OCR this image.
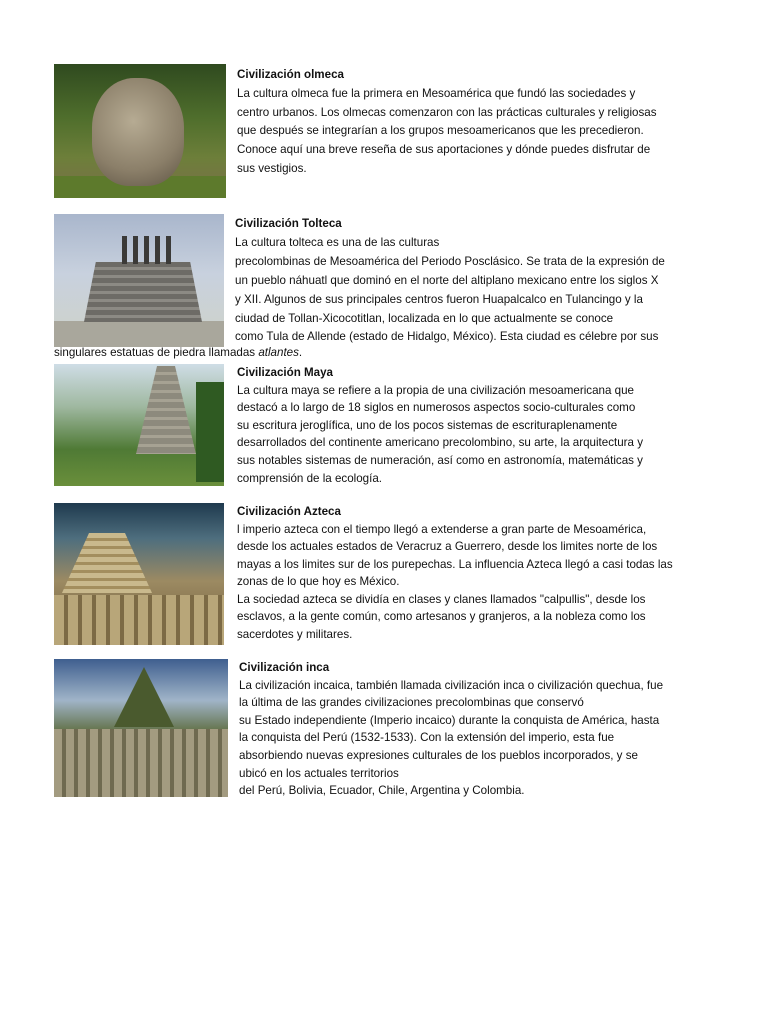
Civilización olmeca
La cultura olmeca fue la primera en Mesoamérica que fundó las sociedades y
centro urbanos. Los olmecas comenzaron con las prácticas culturales y religiosas
que después se integrarían a los grupos mesoamericanos que les precedieron.
Conoce aquí una breve reseña de sus aportaciones y dónde puedes disfrutar de
sus vestigios.
Civilización Tolteca
La cultura tolteca es una de las culturas
precolombinas de Mesoamérica del Periodo Posclásico. Se trata de la expresión de
un pueblo náhuatl que dominó en el norte del altiplano mexicano entre los siglos X
y XII. Algunos de sus principales centros fueron Huapalcalco en Tulancingo y la
ciudad de Tollan-Xicocotitlan, localizada en lo que actualmente se conoce
como Tula de Allende (estado de Hidalgo, México). Esta ciudad es célebre por sus
singulares estatuas de piedra llamadas atlantes.
Civilización Maya
La cultura maya se refiere a la propia de una civilización mesoamericana que
destacó a lo largo de 18 siglos en numerosos aspectos socio-culturales como
su escritura jeroglífica, uno de los pocos sistemas de escrituraplenamente
desarrollados del continente americano precolombino, su arte, la arquitectura y
sus notables sistemas de numeración, así como en astronomía, matemáticas y
comprensión de la ecología.
Civilización Azteca
l imperio azteca con el tiempo llegó a extenderse a gran parte de Mesoamérica,
desde los actuales estados de Veracruz a Guerrero, desde los limites norte de los
mayas a los limites sur de los purepechas. La influencia Azteca llegó a casi todas las
zonas de lo que hoy es México.
La sociedad azteca se dividía en clases y clanes llamados "calpullis", desde los
esclavos, a la gente común, como artesanos y granjeros, a la nobleza como los
sacerdotes y militares.
Civilización inca
La civilización incaica, también llamada civilización inca o civilización quechua, fue
la última de las grandes civilizaciones precolombinas que conservó
su Estado independiente (Imperio incaico) durante la conquista de América, hasta
la conquista del Perú (1532-1533). Con la extensión del imperio, esta fue
absorbiendo nuevas expresiones culturales de los pueblos incorporados, y se
ubicó en los actuales territorios
del Perú, Bolivia, Ecuador, Chile, Argentina y Colombia.
